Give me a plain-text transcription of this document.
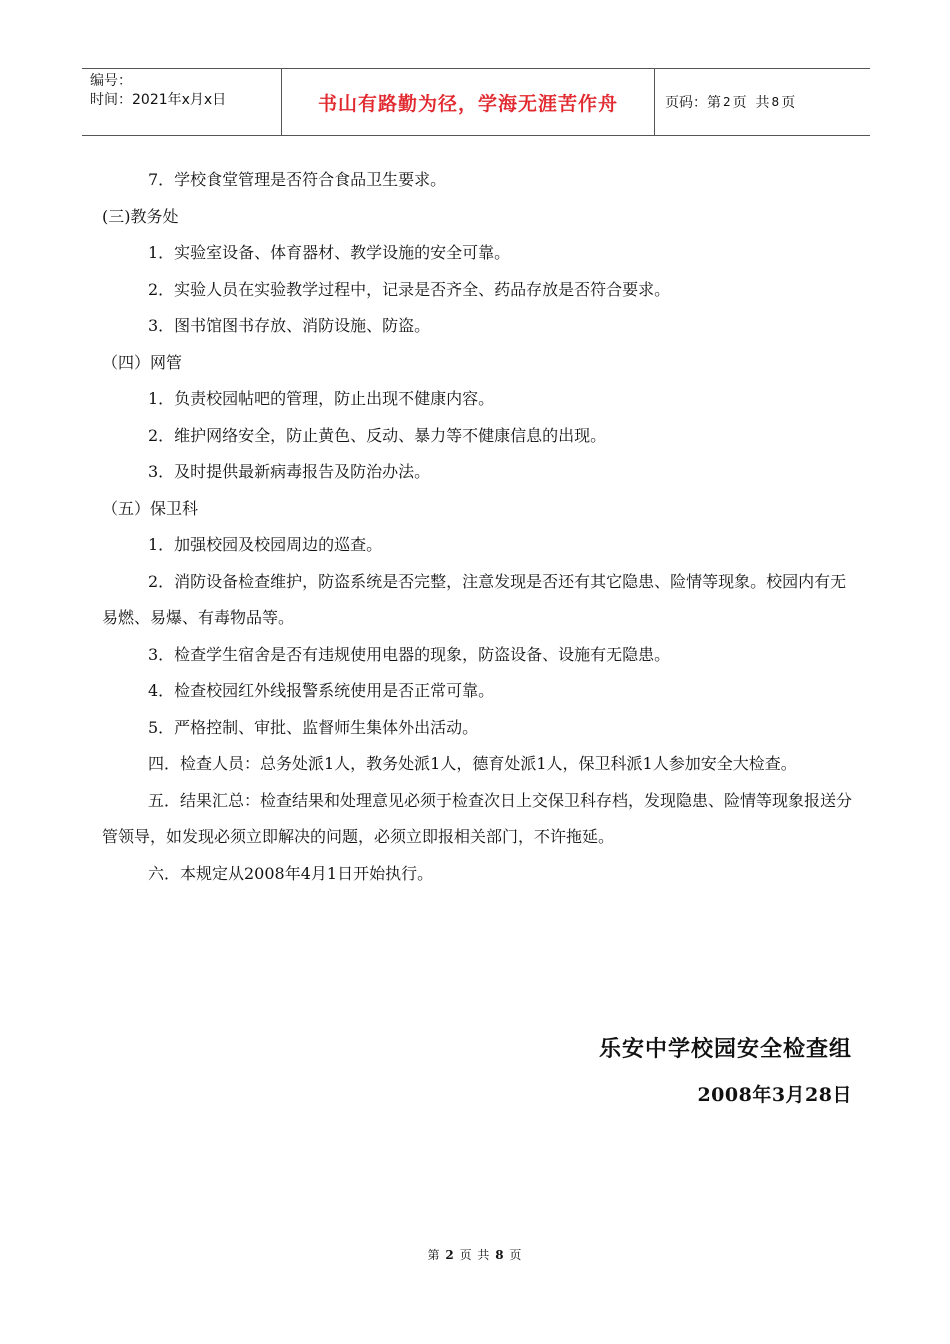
编号：
时间：2021年x月x日	书山有路勤为径，学海无涯苦作舟	页码：第 2 页  共 8 页

7．学校食堂管理是否符合食品卫生要求。

(三)教务处

1．实验室设备、体育器材、教学设施的安全可靠。

2．实验人员在实验教学过程中，记录是否齐全、药品存放是否符合要求。

3．图书馆图书存放、消防设施、防盗。

（四）网管

1．负责校园帖吧的管理，防止出现不健康内容。

2．维护网络安全，防止黄色、反动、暴力等不健康信息的出现。

3．及时提供最新病毒报告及防治办法。

（五）保卫科

1．加强校园及校园周边的巡查。

2．消防设备检查维护，防盗系统是否完整，注意发现是否还有其它隐患、险情等现象。校园内有无易燃、易爆、有毒物品等。

3．检查学生宿舍是否有违规使用电器的现象，防盗设备、设施有无隐患。

4．检查校园红外线报警系统使用是否正常可靠。

5．严格控制、审批、监督师生集体外出活动。

四．检查人员：总务处派1人，教务处派1人，德育处派1人，保卫科派1人参加安全大检查。

五．结果汇总：检查结果和处理意见必须于检查次日上交保卫科存档，发现隐患、险情等现象报送分管领导，如发现必须立即解决的问题，必须立即报相关部门，不许拖延。

六．本规定从2008年4月1日开始执行。

乐安中学校园安全检查组
2008年3月28日
第 2 页 共 8 页
